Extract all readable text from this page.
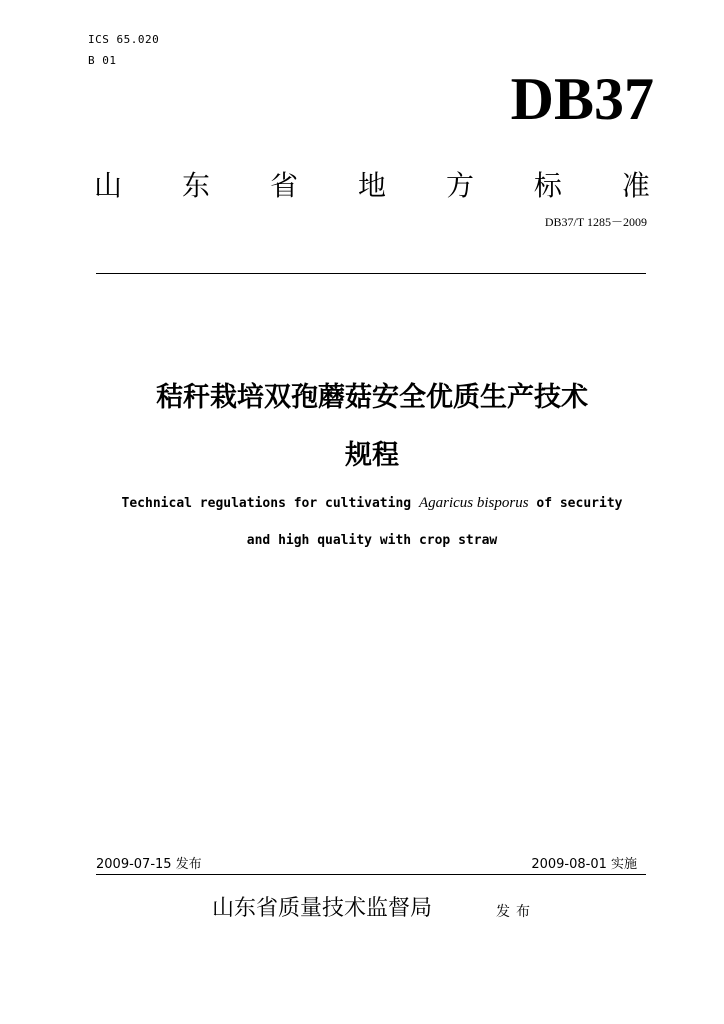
ICS 65.020
B 01
DB37
山 东 省 地 方 标 准
DB37/T 1285－2009
秸秆栽培双孢蘑菇安全优质生产技术
规程
Technical regulations for cultivating Agaricus bisporus of security
and high quality with crop straw
2009-07-15 发布	2009-08-01 实施
山东省质量技术监督局	发布
